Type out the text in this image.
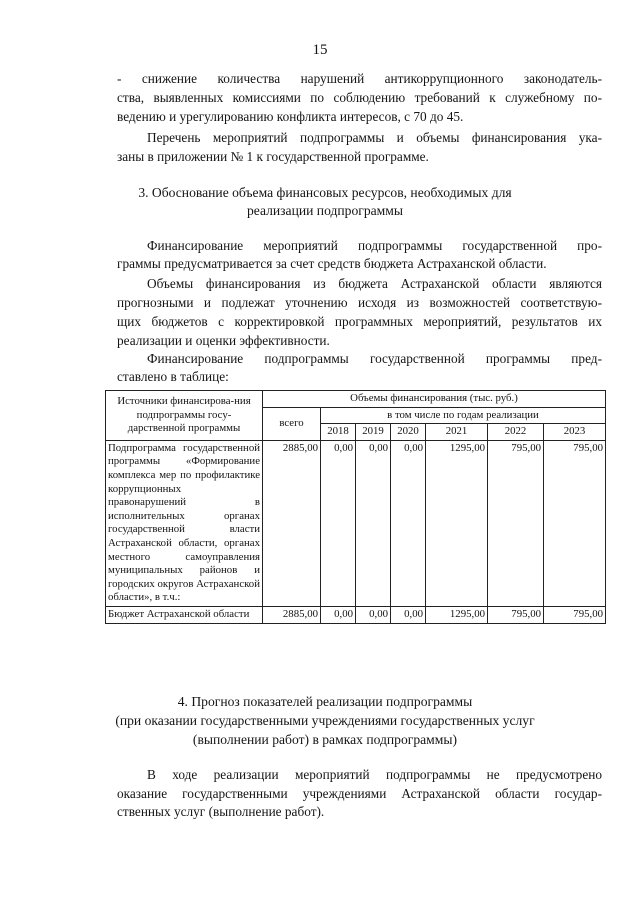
15
- снижение количества нарушений антикоррупционного законодатель-
ства, выявленных комиссиями по соблюдению требований к служебному по-
ведению и урегулированию конфликта интересов, с 70 до 45.
Перечень мероприятий подпрограммы и объемы финансирования ука-
заны в приложении № 1 к государственной программе.
3. Обоснование объема финансовых ресурсов, необходимых для
реализации подпрограммы
Финансирование мероприятий подпрограммы государственной про-
граммы предусматривается за счет средств бюджета Астраханской области.
Объемы финансирования из бюджета Астраханской области являются
прогнозными и подлежат уточнению исходя из возможностей соответствую-
щих бюджетов с корректировкой программных мероприятий, результатов их
реализации и оценки эффективности.
Финансирование подпрограммы государственной программы пред-
ставлено в таблице:
Источники финансирова-ния подпрограммы госу-дарственной программы	Объемы финансирования (тыс. руб.)						
	всего	в том числе по годам реализации					
		2018	2019	2020	2021	2022	2023
Подпрограмма государственной программы «Формирование комплекса мер по профилактике коррупционных правонарушений в исполнительных органах государственной власти Астраханской области, органах местного самоуправления муниципальных районов и городских округов Астраханской области», в т.ч.:	2885,00	0,00	0,00	0,00	1295,00	795,00	795,00
Бюджет Астраханской области	2885,00	0,00	0,00	0,00	1295,00	795,00	795,00
4. Прогноз показателей реализации подпрограммы
(при оказании государственными учреждениями государственных услуг
(выполнении работ) в рамках подпрограммы)
В ходе реализации мероприятий подпрограммы не предусмотрено
оказание государственными учреждениями Астраханской области государ-
ственных услуг (выполнение работ).
